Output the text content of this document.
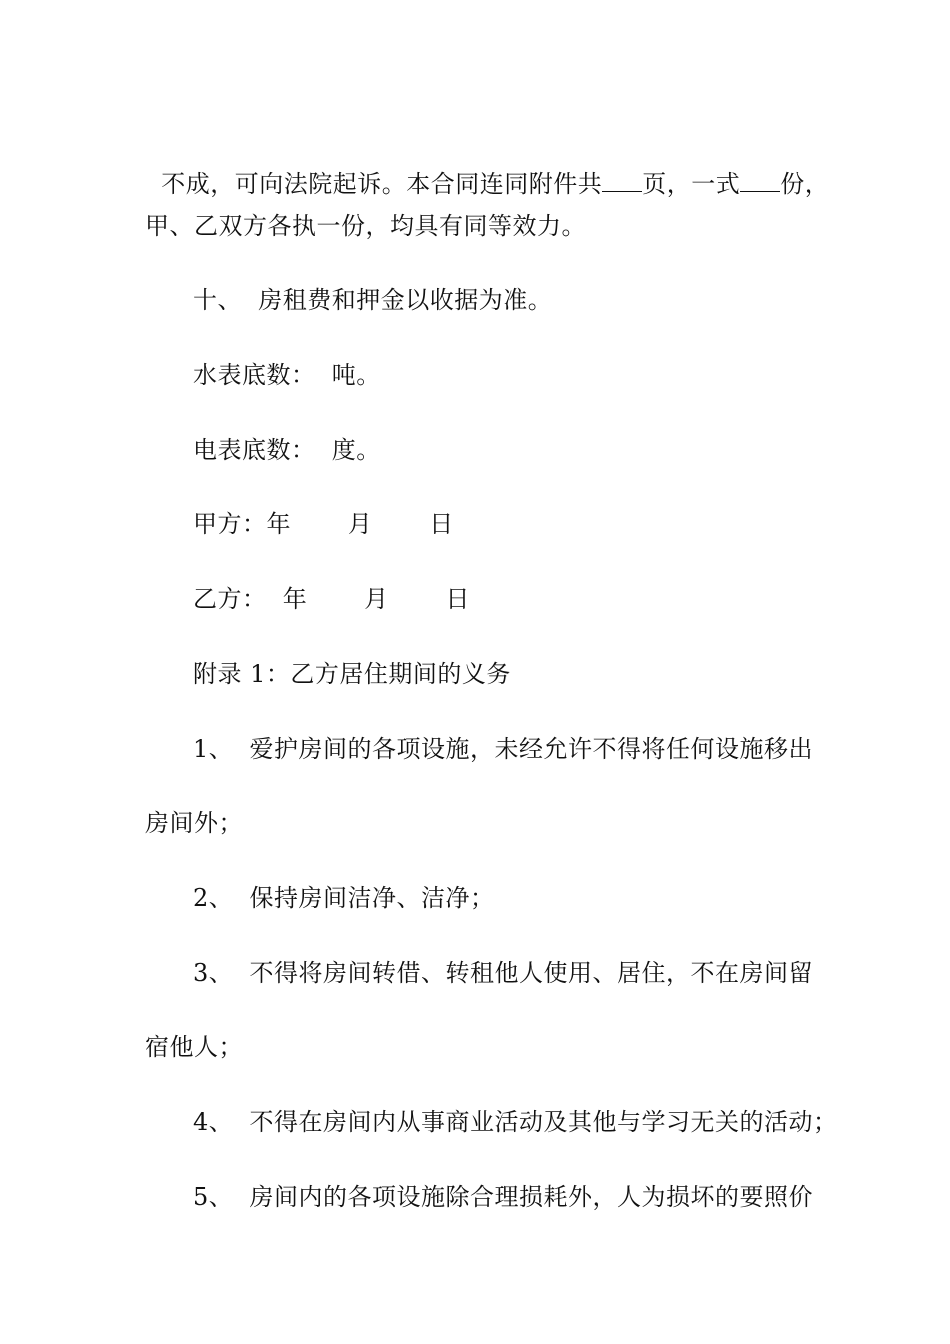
不成，可向法院起诉。本合同连同附件共 页，一式 份，

甲、乙双方各执一份，均具有同等效力。
十、  房租费和押金以收据为准。
水表底数：  吨。
电表底数：  度。
甲方：年       月       日
乙方：  年       月       日
附录 1：乙方居住期间的义务
1、  爱护房间的各项设施，未经允许不得将任何设施移出
房间外；
2、  保持房间洁净、洁净；
3、  不得将房间转借、转租他人使用、居住，不在房间留
宿他人；
4、  不得在房间内从事商业活动及其他与学习无关的活动；
5、  房间内的各项设施除合理损耗外，人为损坏的要照价
